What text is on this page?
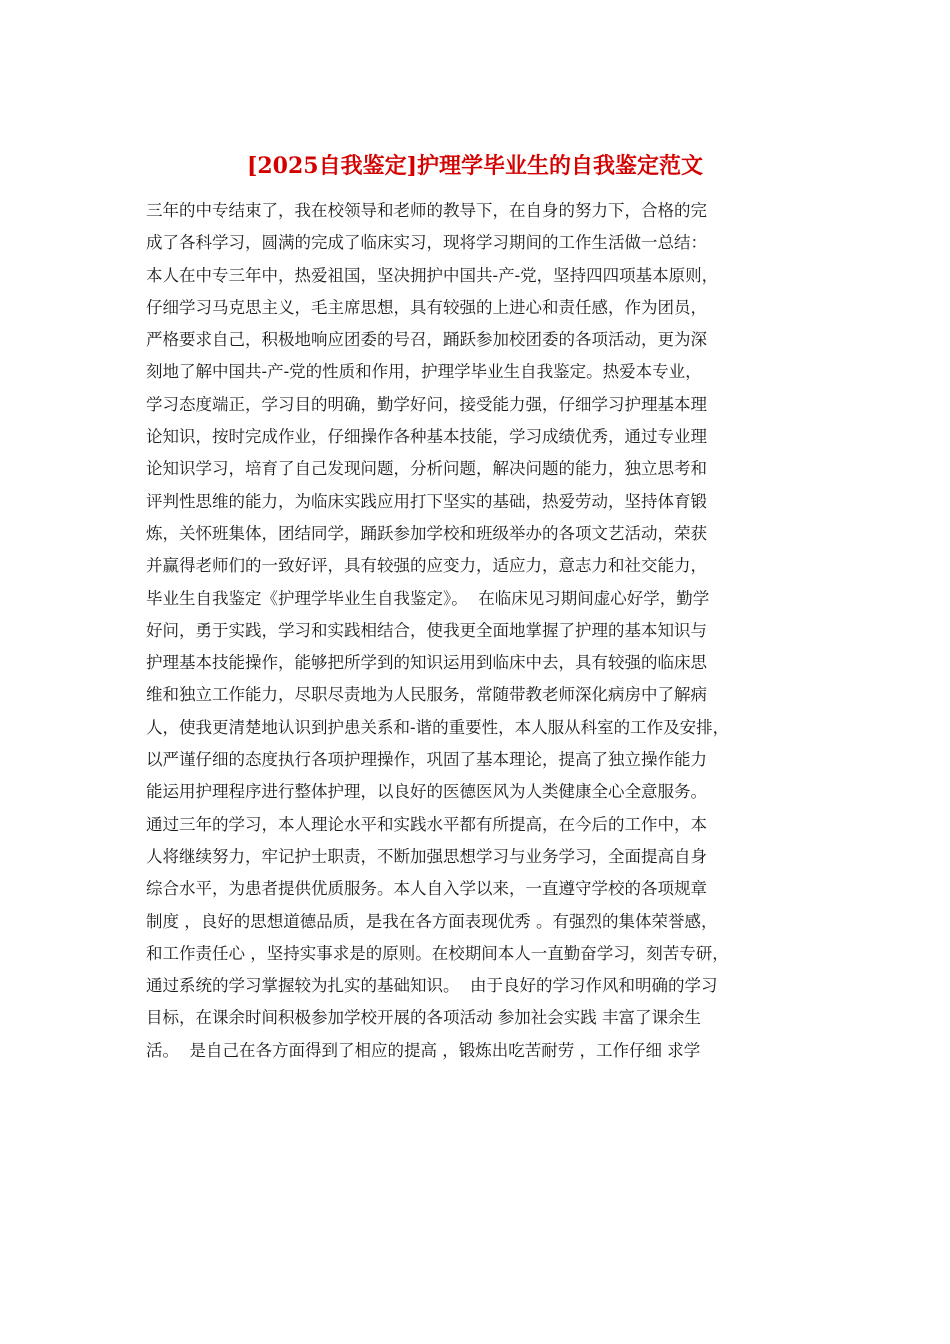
[2025自我鉴定]护理学毕业生的自我鉴定范文
三年的中专结束了，我在校领导和老师的教导下，在自身的努力下，合格的完
成了各科学习，圆满的完成了临床实习，现将学习期间的工作生活做一总结：
本人在中专三年中，热爱祖国，坚决拥护中国共-产-党，坚持四四项基本原则，
仔细学习马克思主义，毛主席思想，具有较强的上进心和责任感，作为团员，
严格要求自己，积极地响应团委的号召，踊跃参加校团委的各项活动，更为深
刻地了解中国共-产-党的性质和作用，护理学毕业生自我鉴定。热爱本专业，
学习态度端正，学习目的明确，勤学好问，接受能力强，仔细学习护理基本理
论知识，按时完成作业，仔细操作各种基本技能，学习成绩优秀，通过专业理
论知识学习，培育了自己发现问题，分析问题，解决问题的能力，独立思考和
评判性思维的能力，为临床实践应用打下坚实的基础，热爱劳动，坚持体育锻
炼，关怀班集体，团结同学，踊跃参加学校和班级举办的各项文艺活动，荣获
并赢得老师们的一致好评，具有较强的应变力，适应力，意志力和社交能力，
毕业生自我鉴定《护理学毕业生自我鉴定》。  在临床见习期间虚心好学，勤学
好问，勇于实践，学习和实践相结合，使我更全面地掌握了护理的基本知识与
护理基本技能操作，能够把所学到的知识运用到临床中去，具有较强的临床思
维和独立工作能力，尽职尽责地为人民服务，常随带教老师深化病房中了解病
人，使我更清楚地认识到护患关系和-谐的重要性，本人服从科室的工作及安排，
以严谨仔细的态度执行各项护理操作，巩固了基本理论，提高了独立操作能力
能运用护理程序进行整体护理，以良好的医德医风为人类健康全心全意服务。
通过三年的学习，本人理论水平和实践水平都有所提高，在今后的工作中，本
人将继续努力，牢记护士职责，不断加强思想学习与业务学习，全面提高自身
综合水平，为患者提供优质服务。本人自入学以来，一直遵守学校的各项规章
制度 ，良好的思想道德品质，是我在各方面表现优秀 。有强烈的集体荣誉感，
和工作责任心 ，坚持实事求是的原则。在校期间本人一直勤奋学习，刻苦专研，
通过系统的学习掌握较为扎实的基础知识。  由于良好的学习作风和明确的学习
目标，在课余时间积极参加学校开展的各项活动 参加社会实践 丰富了课余生
活。  是自己在各方面得到了相应的提高 ，锻炼出吃苦耐劳 ，工作仔细 求学
